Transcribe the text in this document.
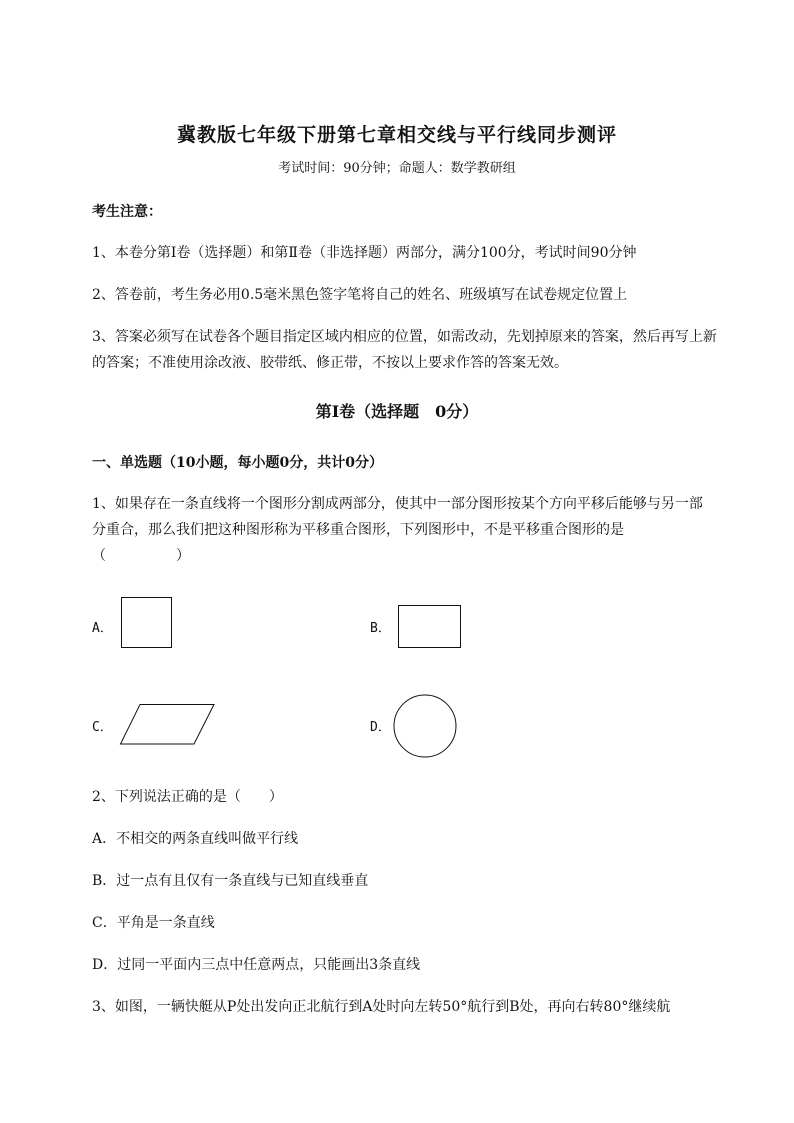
冀教版七年级下册第七章相交线与平行线同步测评
考试时间：90分钟；命题人：数学教研组
考生注意：
1、本卷分第Ⅰ卷（选择题）和第Ⅱ卷（非选择题）两部分，满分100分，考试时间90分钟
2、答卷前，考生务必用0.5毫米黑色签字笔将自己的姓名、班级填写在试卷规定位置上
3、答案必须写在试卷各个题目指定区域内相应的位置，如需改动，先划掉原来的答案，然后再写上新
的答案；不准使用涂改液、胶带纸、修正带，不按以上要求作答的答案无效。
第Ⅰ卷（选择题　0分）
一、单选题（10小题，每小题0分，共计0分）
1、如果存在一条直线将一个图形分割成两部分，使其中一部分图形按某个方向平移后能够与另一部
分重合，那么我们把这种图形称为平移重合图形，下列图形中，不是平移重合图形的是
（　　　　　）
A．	B．
C．	D．
2、下列说法正确的是（　　）
A．不相交的两条直线叫做平行线
B．过一点有且仅有一条直线与已知直线垂直
C．平角是一条直线
D．过同一平面内三点中任意两点，只能画出3条直线
3、如图，一辆快艇从P处出发向正北航行到A处时向左转50°航行到B处，再向右转80°继续航
